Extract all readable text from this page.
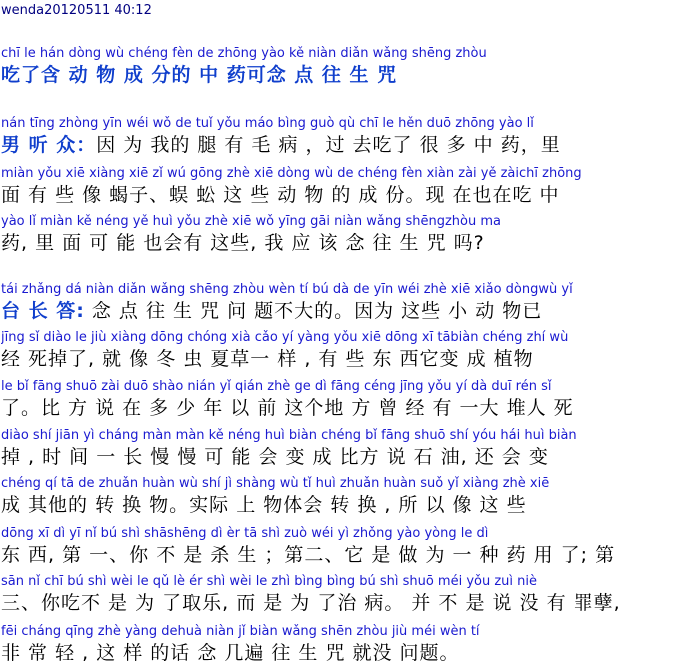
wenda20120511 40:12
chī le hán dòng wù chéng fèn de zhōng yào kě niàn diǎn wǎng shēng zhòu
吃了含 动 物 成 分的 中 药可念 点 往 生 咒
nán tīng zhòng yīn wéi wǒ de tuǐ yǒu máo bìng guò qù chī le hěn duō zhōng yào lǐ
男 听 众：因 为 我的 腿 有 毛 病 ，过 去吃了 很 多 中 药，里
miàn yǒu xiē xiàng xiē zǐ wú gōng zhè xiē dòng wù de chéng fèn xiàn zài yě zàichī zhōng
面 有 些 像 蝎子、蜈 蚣 这 些 动 物 的 成 份。现 在也在吃 中
yào lǐ miàn kě néng yě huì yǒu zhè xiē wǒ yīng gāi niàn wǎng shēngzhòu ma
药, 里 面 可 能 也会有 这些, 我 应 该 念 往 生 咒 吗?
tái zhǎng dá niàn diǎn wǎng shēng zhòu wèn tí bú dà de yīn wéi zhè xiē xiǎo dòngwù yǐ
台 长 答: 念 点 往 生 咒 问 题不大的。因为 这些 小 动 物已
jīng sǐ diào le jiù xiàng dōng chóng xià cǎo yí yàng yǒu xiē dōng xī tābiàn chéng zhí wù
经 死掉了, 就 像 冬 虫 夏草一 样 , 有 些 东 西它变 成 植物
le bǐ fāng shuō zài duō shào nián yǐ qián zhè ge dì fāng céng jīng yǒu yí dà duī rén sǐ
了。比 方 说 在 多 少 年 以 前 这个地 方 曾 经 有 一大 堆人 死
diào shí jiān yì cháng màn màn kě néng huì biàn chéng bǐ fāng shuō shí yóu hái huì biàn
掉 , 时 间 一 长 慢 慢 可 能 会 变 成 比方 说 石 油, 还 会 变
chéng qí tā de zhuǎn huàn wù shí jì shàng wù tǐ huì zhuǎn huàn suǒ yǐ xiàng zhè xiē
成 其他的 转 换 物。实际 上 物体会 转 换 , 所 以 像 这 些
dōng xī dì yī nǐ bú shì shāshēng dì èr tā shì zuò wéi yì zhǒng yào yòng le dì
东 西, 第 一、你 不 是 杀 生 ；第二、它 是 做 为 一 种 药 用 了; 第
sān nǐ chī bú shì wèi le qǔ lè ér shì wèi le zhì bìng bìng bú shì shuō méi yǒu zuì niè
三、你吃不 是 为 了取乐, 而 是 为 了治 病。 并 不 是 说 没 有 罪孽,
fēi cháng qīng zhè yàng dehuà niàn jǐ biàn wǎng shēn zhòu jiù méi wèn tí
非 常 轻 , 这 样 的话 念 几遍 往 生 咒 就没 问题。
